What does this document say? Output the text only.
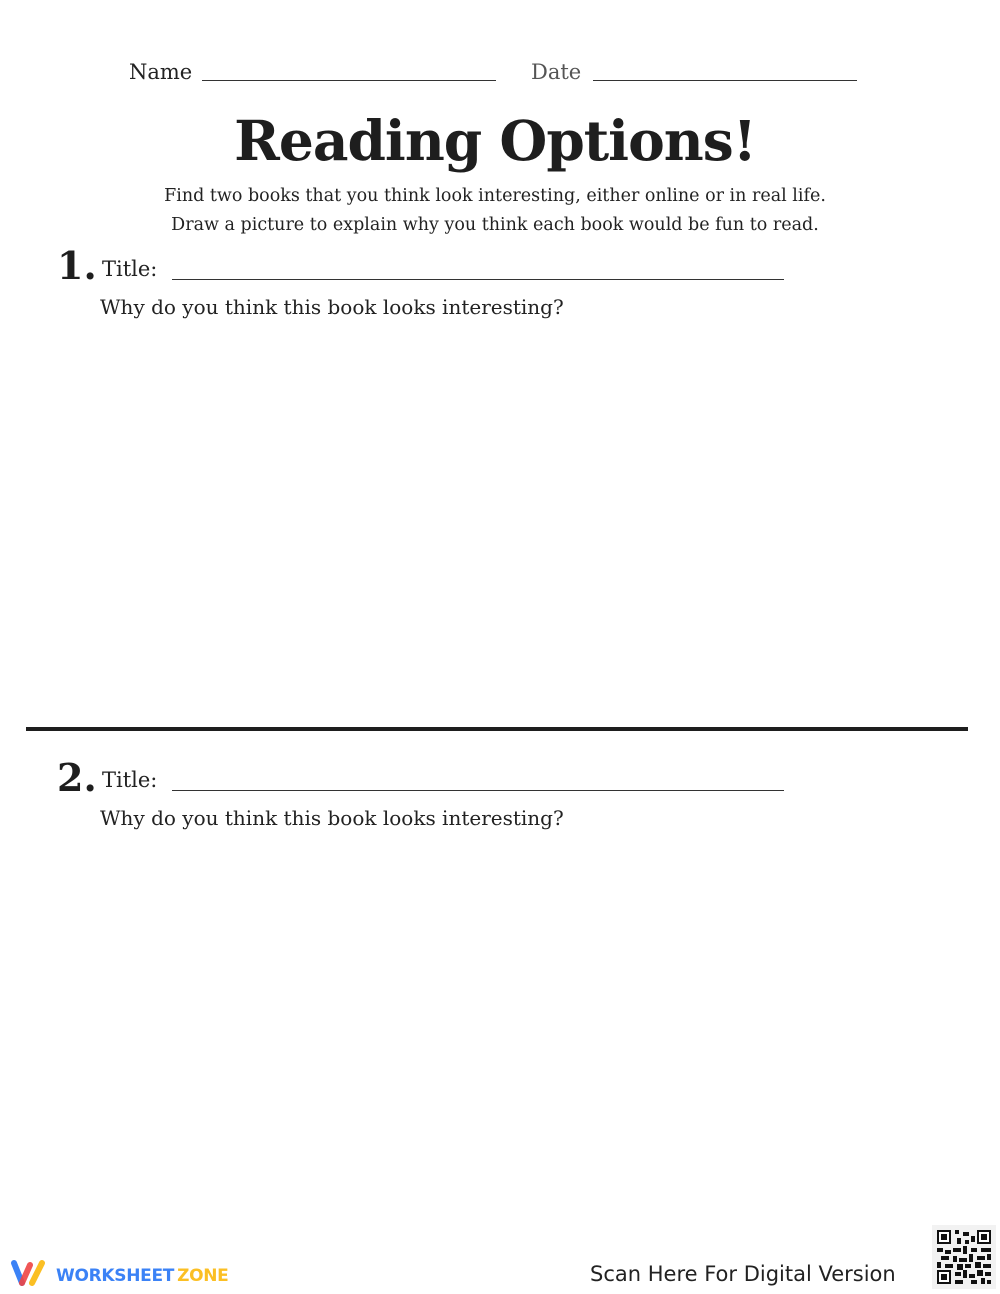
Name	Date
Reading Options!
Find two books that you think look interesting, either online or in real life.
Draw a picture to explain why you think each book would be fun to read.
1. Title:
Why do you think this book looks interesting?
2. Title:
Why do you think this book looks interesting?
WORKSHEET ZONE	Scan Here For Digital Version
